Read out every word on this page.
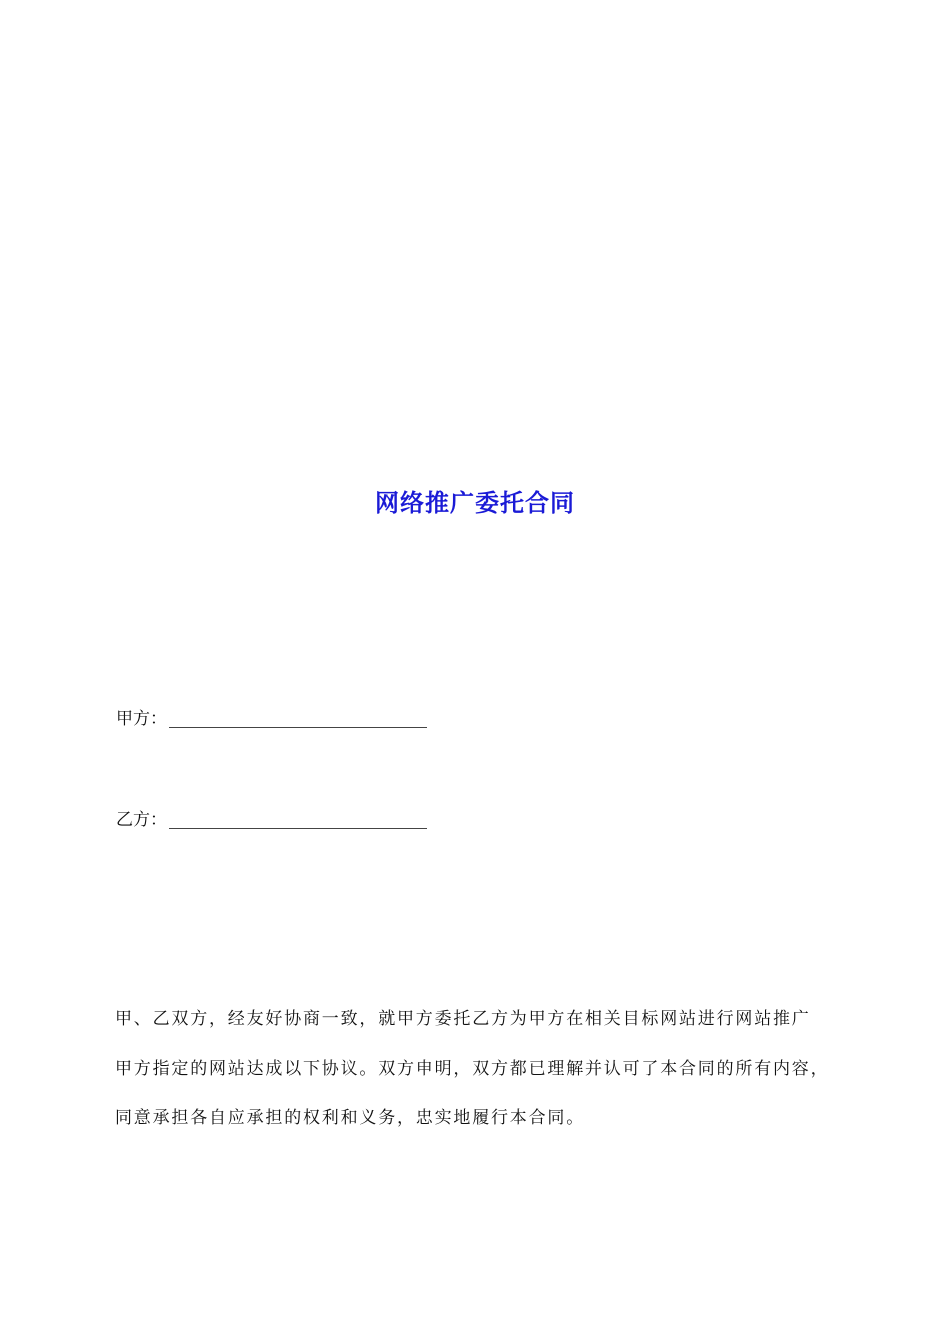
网络推广委托合同
甲方：
乙方：
甲、乙双方，经友好协商一致，就甲方委托乙方为甲方在相关目标网站进行网站推广
甲方指定的网站达成以下协议。双方申明，双方都已理解并认可了本合同的所有内容，
同意承担各自应承担的权利和义务，忠实地履行本合同。
